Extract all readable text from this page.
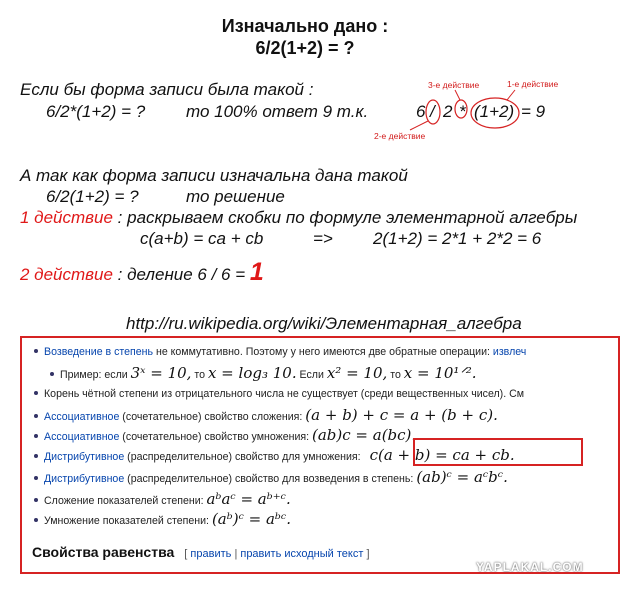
Изначально дано :
6/2(1+2) = ?
Если бы форма записи была такой :
6/2*(1+2) = ? то 100% ответ 9 т.к.	6 / 2 * (1+2) = 9
3-е действие	1-е действие
2-е действие
А так как форма записи изначальна дана такой
6/2(1+2) = ?	то решение
1 действие : раскрываем скобки по формуле элементарной алгебры
c(a+b) = ca + cb	=> 2(1+2) = 2*1 + 2*2 = 6
2 действие : деление 6 / 6 = 1
http://ru.wikipedia.org/wiki/Элементарная_алгебра
Возведение в степень не коммутативно. Поэтому у него имеются две обратные операции: извлеч
Пример: если 3ˣ = 10, то x = log₃ 10. Если x² = 10, то x = 10¹ᐟ².
Корень чётной степени из отрицательного числа не существует (среди вещественных чисел). См
Ассоциативное (сочетательное) свойство сложения: (a + b) + c = a + (b + c).
Ассоциативное (сочетательное) свойство умножения: (ab)c = a(bc).
Дистрибутивное (распределительное) свойство для умножения: c(a + b) = ca + cb.
Дистрибутивное (распределительное) свойство для возведения в степень: (ab)ᶜ = aᶜbᶜ.
Сложение показателей степени: aᵇaᶜ = aᵇ⁺ᶜ.
Умножение показателей степени: (aᵇ)ᶜ = aᵇᶜ.
Свойства равенства [ править | править исходный текст ]
YAPLAKAL.COM
